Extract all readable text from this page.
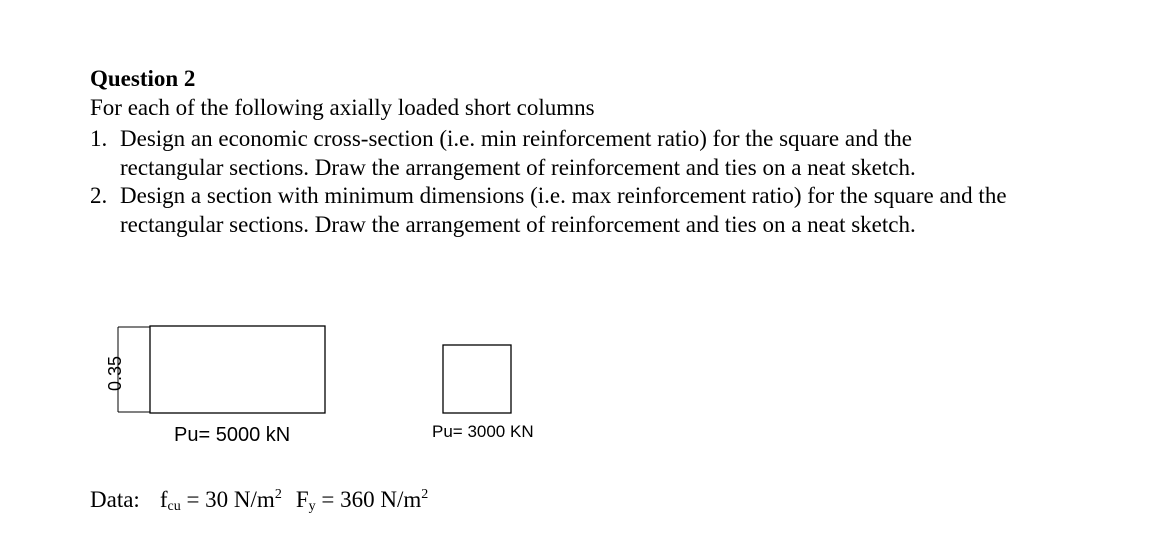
Question 2
For each of the following axially loaded short columns
1. Design an economic cross-section (i.e. min reinforcement ratio) for the square and the rectangular sections. Draw the arrangement of reinforcement and ties on a neat sketch.
2. Design a section with minimum dimensions (i.e. max reinforcement ratio) for the square and the rectangular sections. Draw the arrangement of reinforcement and ties on a neat sketch.
0.35
Pu= 5000 kN	Pu= 3000 KN
Data: $f_{cu} = 30$ $N/m^2$ $F_y = 360$ $N/m^2$
